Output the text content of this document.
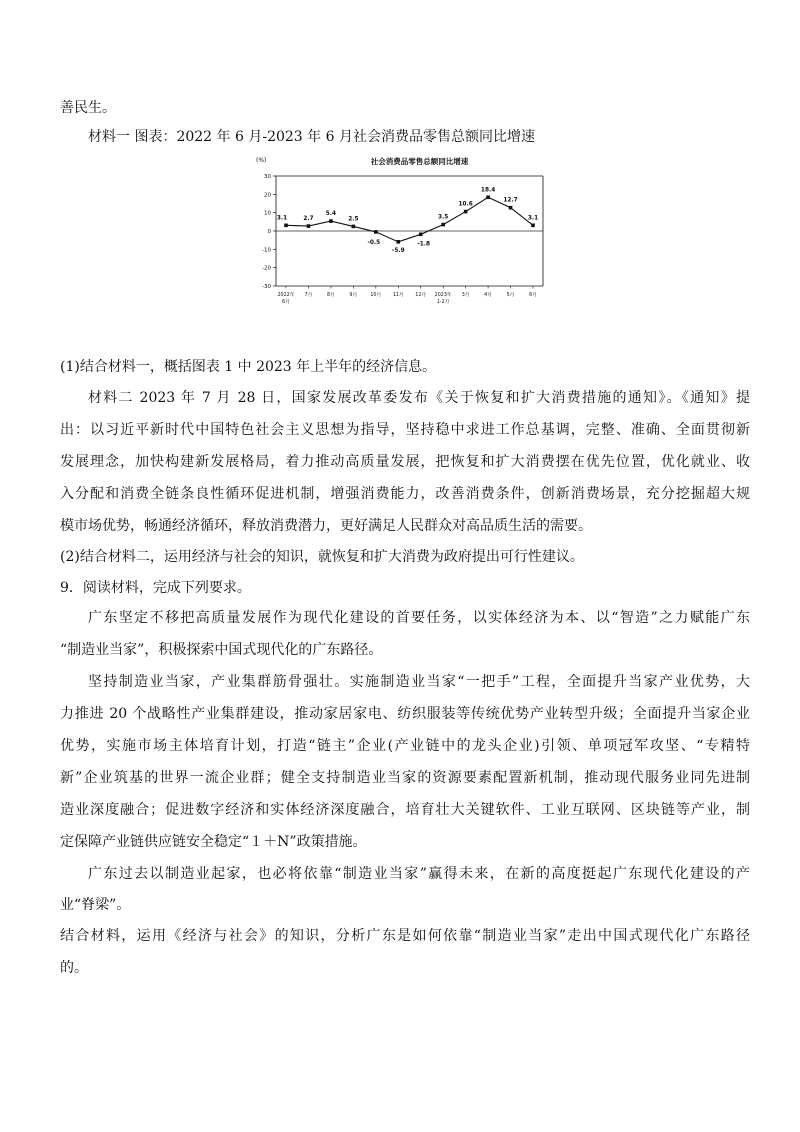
善民生。
材料一 图表：2022 年 6 月-2023 年 6 月社会消费品零售总额同比增速
社会消费品零售总额同比增速
(%)
-30
-20
-10
0
10
20
30
3.1	2.7
5.4
2.5
-0.5
-5.9
-1.8
3.5
10.6
18.4
12.7
3.1
2022年
6月
7月	8月	9月	10月 11月 12月 2023年
1-2月
3月	4月	5月	6月
(1)结合材料一，概括图表 1 中 2023 年上半年的经济信息。
材料二 2023 年 7 月 28 日，国家发展改革委发布《关于恢复和扩大消费措施的通知》。《通知》提
出：以习近平新时代中国特色社会主义思想为指导，坚持稳中求进工作总基调，完整、准确、全面贯彻新
发展理念，加快构建新发展格局，着力推动高质量发展，把恢复和扩大消费摆在优先位置，优化就业、收
入分配和消费全链条良性循环促进机制，增强消费能力，改善消费条件，创新消费场景，充分挖掘超大规
模市场优势，畅通经济循环，释放消费潜力，更好满足人民群众对高品质生活的需要。
(2)结合材料二，运用经济与社会的知识，就恢复和扩大消费为政府提出可行性建议。
9．阅读材料，完成下列要求。
广东坚定不移把高质量发展作为现代化建设的首要任务，以实体经济为本、以“智造”之力赋能广东
“制造业当家”，积极探索中国式现代化的广东路径。
坚持制造业当家，产业集群筋骨强壮。实施制造业当家“一把手”工程，全面提升当家产业优势，大
力推进 20 个战略性产业集群建设，推动家居家电、纺织服装等传统优势产业转型升级；全面提升当家企业
优势，实施市场主体培育计划，打造“链主”企业(产业链中的龙头企业)引领、单项冠军攻坚、“专精特
新”企业筑基的世界一流企业群；健全支持制造业当家的资源要素配置新机制，推动现代服务业同先进制
造业深度融合；促进数字经济和实体经济深度融合，培育壮大关键软件、工业互联网、区块链等产业，制
定保障产业链供应链安全稳定“１＋N”政策措施。
广东过去以制造业起家，也必将依靠“制造业当家”赢得未来，在新的高度挺起广东现代化建设的产
业“脊梁”。
结合材料，运用《经济与社会》的知识，分析广东是如何依靠“制造业当家”走出中国式现代化广东路径
的。
